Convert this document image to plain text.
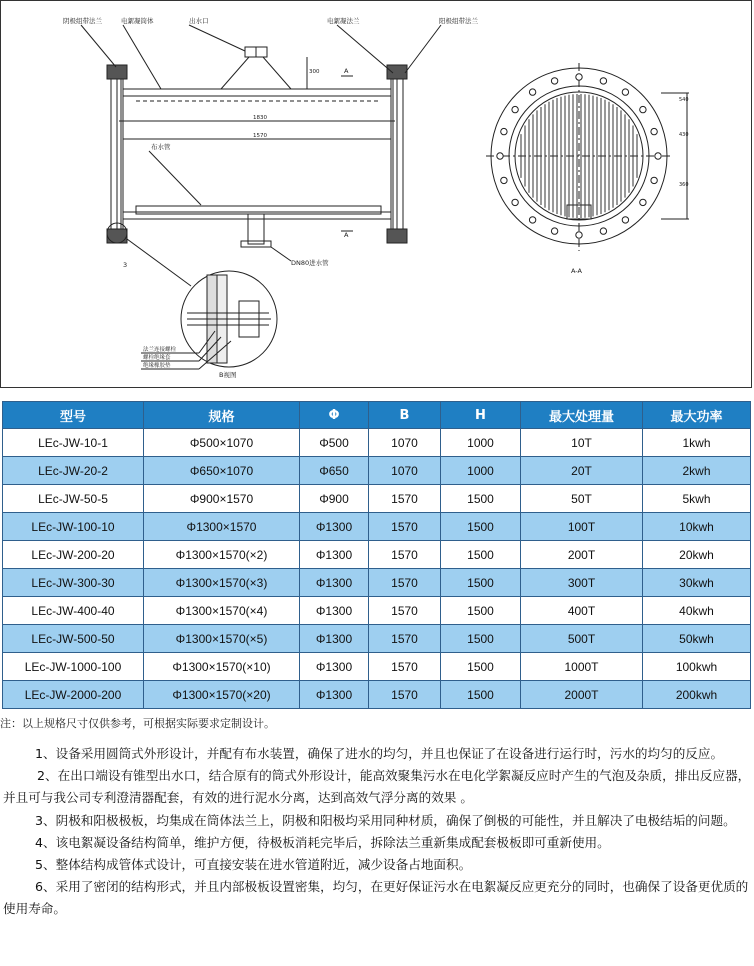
阴极组带法兰	电絮凝筒体	出水口	电絮凝法兰	阳极组带法兰
布水管
DN80进水管
3
法兰连接螺栓
螺栓绝缘套
绝缘橡胶垫
B视图
A-A
A
A
1830
1570
300
540
430
360
型号	规格	Φ	B	H	最大处理量	最大功率
LEc-JW-10-1	Φ500×1070	Φ500	1070	1000	10T	1kwh
LEc-JW-20-2	Φ650×1070	Φ650	1070	1000	20T	2kwh
LEc-JW-50-5	Φ900×1570	Φ900	1570	1500	50T	5kwh
LEc-JW-100-10	Φ1300×1570	Φ1300	1570	1500	100T	10kwh
LEc-JW-200-20	Φ1300×1570(×2)	Φ1300	1570	1500	200T	20kwh
LEc-JW-300-30	Φ1300×1570(×3)	Φ1300	1570	1500	300T	30kwh
LEc-JW-400-40	Φ1300×1570(×4)	Φ1300	1570	1500	400T	40kwh
LEc-JW-500-50	Φ1300×1570(×5)	Φ1300	1570	1500	500T	50kwh
LEc-JW-1000-100	Φ1300×1570(×10)	Φ1300	1570	1500	1000T	100kwh
LEc-JW-2000-200	Φ1300×1570(×20)	Φ1300	1570	1500	2000T	200kwh
注：以上规格尺寸仅供参考，可根据实际要求定制设计。

1、设备采用圆筒式外形设计，并配有布水装置，确保了进水的均匀，并且也保证了在设备进行运行时，污水的均匀的反应。

2、在出口端设有锥型出水口，结合原有的筒式外形设计，能高效聚集污水在电化学絮凝反应时产生的气泡及杂质，排出反应器，并且可与我公司专利澄清器配套，有效的进行泥水分离，达到高效气浮分离的效果 。

3、阴极和阳极极板，均集成在筒体法兰上，阴极和阳极均采用同种材质，确保了倒极的可能性，并且解决了电极结垢的问题。

4、该电絮凝设备结构简单，维护方便，待极板消耗完毕后，拆除法兰重新集成配套极板即可重新使用。

5、整体结构成管体式设计，可直接安装在进水管道附近，减少设备占地面积。

6、采用了密闭的结构形式，并且内部极板设置密集，均匀，在更好保证污水在电絮凝反应更充分的同时，也确保了设备更优质的使用寿命。
